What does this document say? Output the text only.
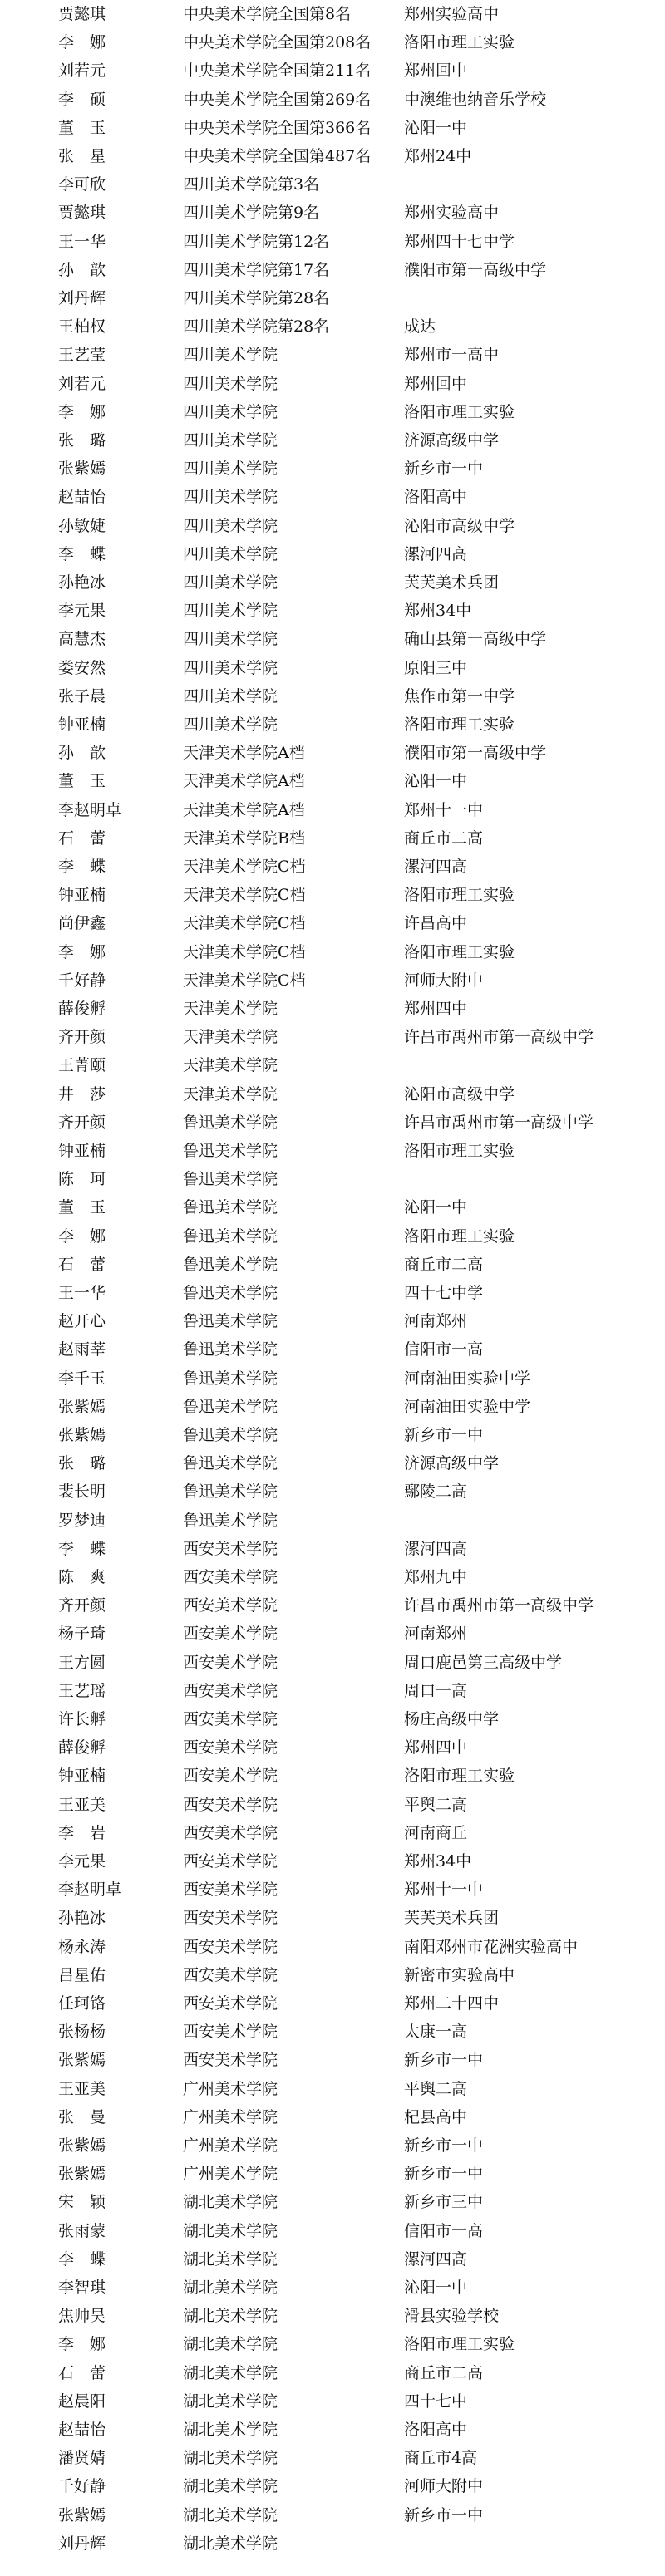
贾懿琪	中央美术学院全国第8名	郑州实验高中
李　娜	中央美术学院全国第208名 洛阳市理工实验
刘若元	中央美术学院全国第211名 郑州回中
李　硕	中央美术学院全国第269名 中澳维也纳音乐学校
董　玉	中央美术学院全国第366名 沁阳一中
张　星	中央美术学院全国第487名 郑州24中
李可欣	四川美术学院第3名
贾懿琪	四川美术学院第9名	郑州实验高中
王一华	四川美术学院第12名	郑州四十七中学
孙　歆	四川美术学院第17名	濮阳市第一高级中学
刘丹辉	四川美术学院第28名
王柏权	四川美术学院第28名	成达
王艺莹	四川美术学院	郑州市一高中
刘若元	四川美术学院	郑州回中
李　娜	四川美术学院	洛阳市理工实验
张　璐	四川美术学院	济源高级中学
张紫嫣	四川美术学院	新乡市一中
赵喆怡	四川美术学院	洛阳高中
孙敏婕	四川美术学院	沁阳市高级中学
李　蝶	四川美术学院	漯河四高
孙艳冰	四川美术学院	芙芙美术兵团
李元果	四川美术学院	郑州34中
高慧杰	四川美术学院	确山县第一高级中学
娄安然	四川美术学院	原阳三中
张子晨	四川美术学院	焦作市第一中学
钟亚楠	四川美术学院	洛阳市理工实验
孙　歆	天津美术学院A档	濮阳市第一高级中学
董　玉	天津美术学院A档	沁阳一中
李赵明卓	天津美术学院A档	郑州十一中
石　蕾	天津美术学院B档	商丘市二高
李　蝶	天津美术学院C档	漯河四高
钟亚楠	天津美术学院C档	洛阳市理工实验
尚伊鑫	天津美术学院C档	许昌高中
李　娜	天津美术学院C档	洛阳市理工实验
千好静	天津美术学院C档	河师大附中
薛俊孵	天津美术学院	郑州四中
齐开颜	天津美术学院	许昌市禹州市第一高级中学
王菁颐	天津美术学院
井　莎	天津美术学院	沁阳市高级中学
齐开颜	鲁迅美术学院	许昌市禹州市第一高级中学
钟亚楠	鲁迅美术学院	洛阳市理工实验
陈　珂	鲁迅美术学院
董　玉	鲁迅美术学院	沁阳一中
李　娜	鲁迅美术学院	洛阳市理工实验
石　蕾	鲁迅美术学院	商丘市二高
王一华	鲁迅美术学院	四十七中学
赵开心	鲁迅美术学院	河南郑州
赵雨莘	鲁迅美术学院	信阳市一高
李千玉	鲁迅美术学院	河南油田实验中学
张紫嫣	鲁迅美术学院	河南油田实验中学
张紫嫣	鲁迅美术学院	新乡市一中
张　璐	鲁迅美术学院	济源高级中学
裴长明	鲁迅美术学院	鄢陵二高
罗梦迪	鲁迅美术学院
李　蝶	西安美术学院	漯河四高
陈　爽	西安美术学院	郑州九中
齐开颜	西安美术学院	许昌市禹州市第一高级中学
杨子琦	西安美术学院	河南郑州
王方圆	西安美术学院	周口鹿邑第三高级中学
王艺瑶	西安美术学院	周口一高
许长孵	西安美术学院	杨庄高级中学
薛俊孵	西安美术学院	郑州四中
钟亚楠	西安美术学院	洛阳市理工实验
王亚美	西安美术学院	平舆二高
李　岩	西安美术学院	河南商丘
李元果	西安美术学院	郑州34中
李赵明卓	西安美术学院	郑州十一中
孙艳冰	西安美术学院	芙芙美术兵团
杨永涛	西安美术学院	南阳邓州市花洲实验高中
吕星佑	西安美术学院	新密市实验高中
任珂铬	西安美术学院	郑州二十四中
张杨杨	西安美术学院	太康一高
张紫嫣	西安美术学院	新乡市一中
王亚美	广州美术学院	平舆二高
张　曼	广州美术学院	杞县高中
张紫嫣	广州美术学院	新乡市一中
张紫嫣	广州美术学院	新乡市一中
宋　颖	湖北美术学院	新乡市三中
张雨蒙	湖北美术学院	信阳市一高
李　蝶	湖北美术学院	漯河四高
李智琪	湖北美术学院	沁阳一中
焦帅昊	湖北美术学院	滑县实验学校
李　娜	湖北美术学院	洛阳市理工实验
石　蕾	湖北美术学院	商丘市二高
赵晨阳	湖北美术学院	四十七中
赵喆怡	湖北美术学院	洛阳高中
潘贤婧	湖北美术学院	商丘市4高
千好静	湖北美术学院	河师大附中
张紫嫣	湖北美术学院	新乡市一中
刘丹辉	湖北美术学院
